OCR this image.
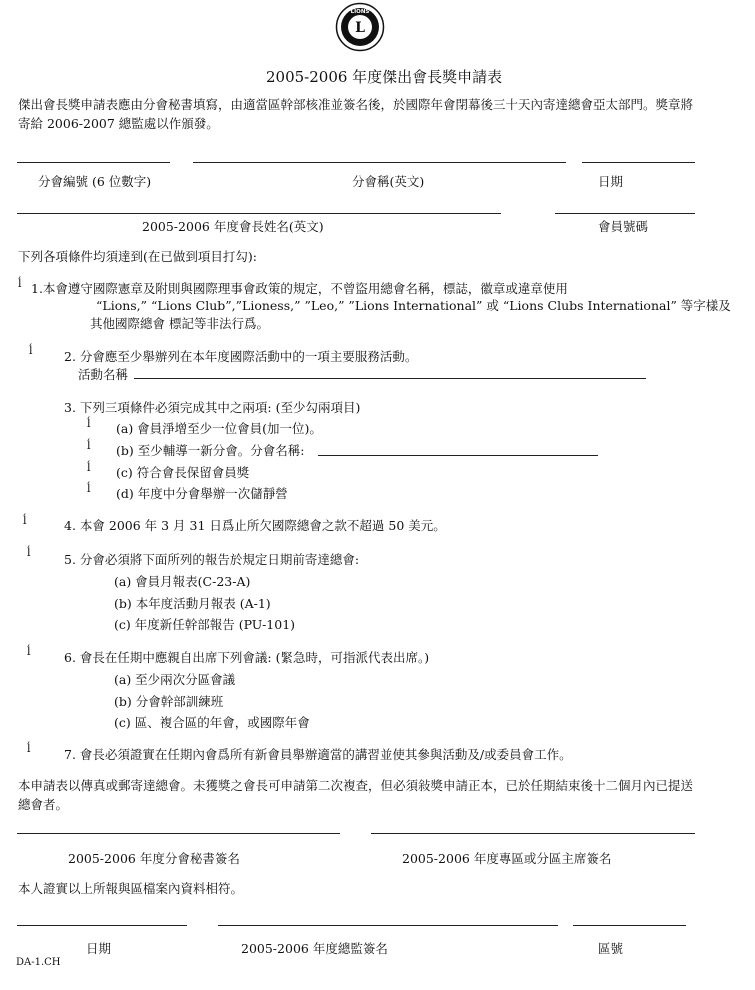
L
LIONS
2005-2006 年度傑出會長獎申請表
傑出會長獎申請表應由分會秘書填寫，由適當區幹部核准並簽名後，於國際年會閉幕後三十天內寄達總會亞太部門。獎章將
寄給 2006-2007 總監處以作頒發。
分會編號 (6 位數字)	分會稱(英文)	日期
2005-2006 年度會長姓名(英文)	會員號碼
下列各項條件均須達到(在已做到項目打勾):
ĺ 1.本會遵守國際憲章及附則與國際理事會政策的規定，不曾盜用總會名稱，標誌，徽章或違章使用
“Lions,” “Lions Club”,”Lioness,” ”Leo,” ”Lions International” 或 “Lions Clubs International” 等字樣及
其他國際總會 標記等非法行爲。
ĺ	2. 分會應至少舉辦列在本年度國際活動中的一項主要服務活動。
活動名稱
3. 下列三項條件必須完成其中之兩項: (至少勾兩項目)
ĺ (a) 會員淨增至少一位會員(加一位)。
ĺ (b) 至少輔導一新分會。分會名稱:
ĺ (c) 符合會長保留會員獎
ĺ (d) 年度中分會舉辦一次儲靜營
ĺ	4. 本會 2006 年 3 月 31 日爲止所欠國際總會之款不超過 50 美元。
ĺ	5. 分會必須將下面所列的報告於規定日期前寄達總會:
(a) 會員月報表(C-23-A)
(b) 本年度活動月報表 (A-1)
(c) 年度新任幹部報告 (PU-101)
ĺ	6. 會長在任期中應親自出席下列會議: (緊急時，可指派代表出席。)
(a) 至少兩次分區會議
(b) 分會幹部訓練班
(c) 區、複合區的年會，或國際年會
ĺ	7. 會長必須證實在任期內會爲所有新會員舉辦適當的講習並使其參與活動及/或委員會工作。
本申請表以傳真或郵寄達總會。未獲獎之會長可申請第二次複查，但必須敍獎申請正本，已於任期結束後十二個月內已提送
總會者。
2005-2006 年度分會秘書簽名	2005-2006 年度專區或分區主席簽名
本人證實以上所報與區檔案內資料相符。
日期	2005-2006 年度總監簽名	區號
DA-1.CH
